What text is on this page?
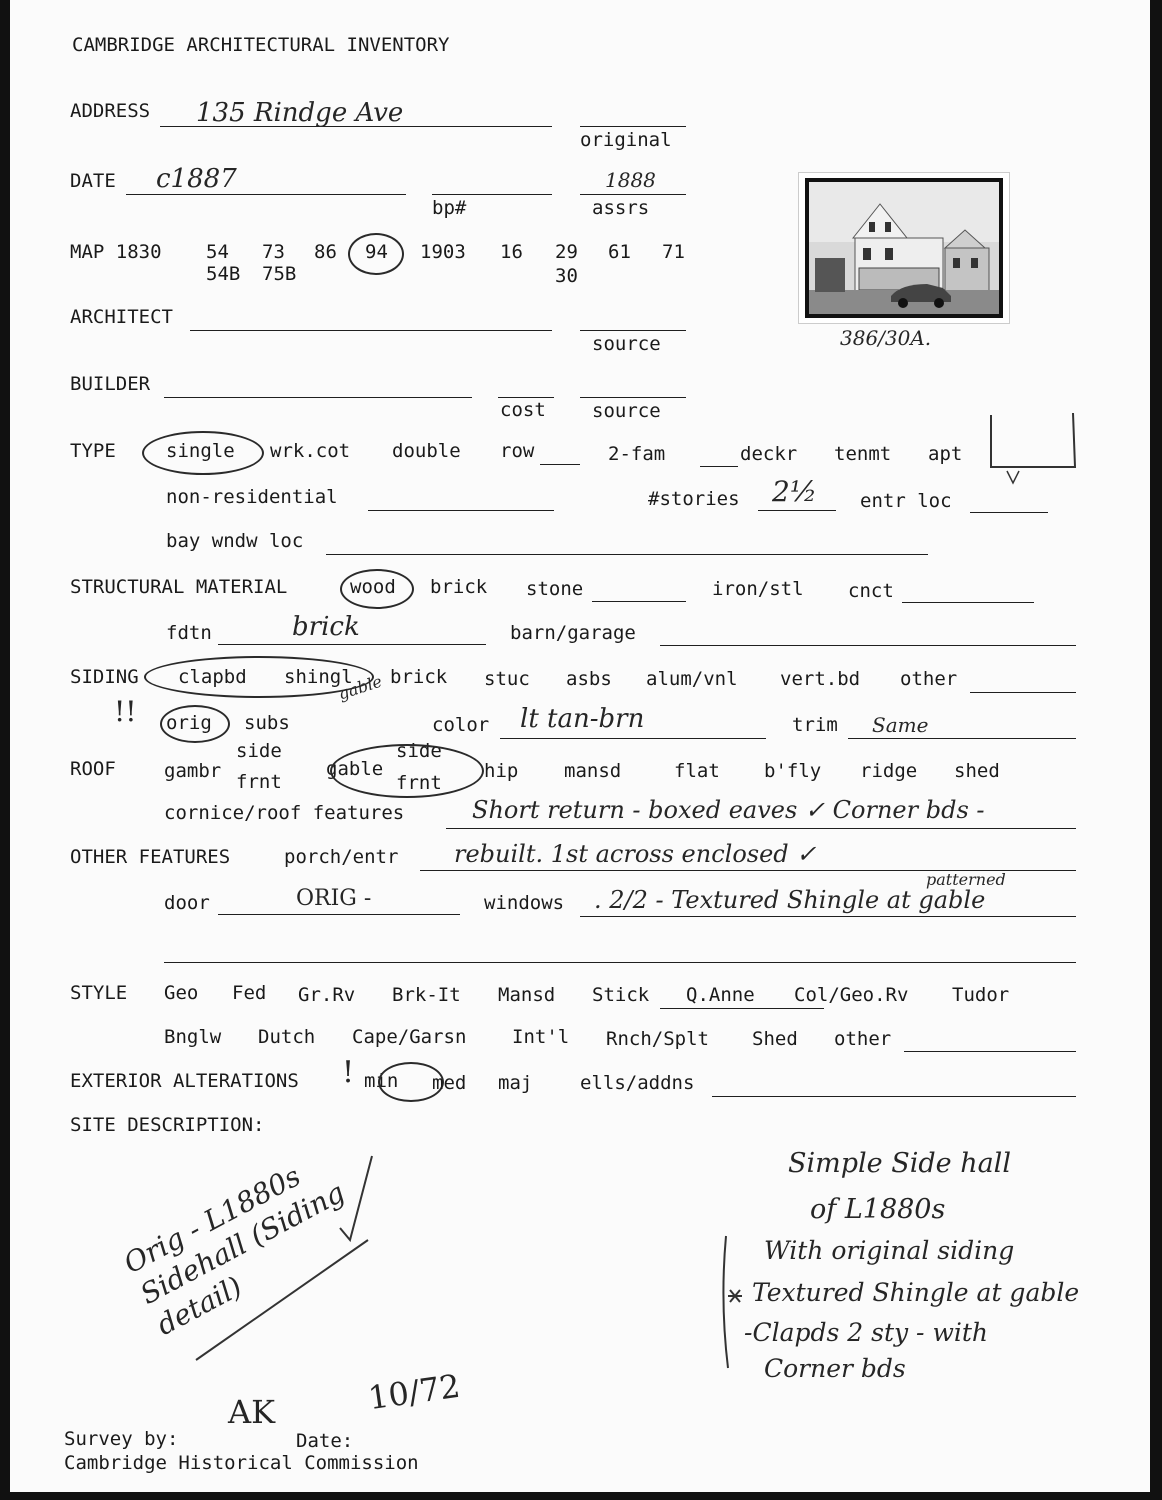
CAMBRIDGE ARCHITECTURAL INVENTORY
ADDRESS 135 Rindge Ave
original
DATE c1887
bp#
1888
assrs
MAP 1830 54 73 86 94 1903 16 29 61 71
54B 75B	30
386/30A.
ARCHITECT
source
BUILDER
cost source
TYPE	single wrk.cot double row	2-fam	deckr tenmt apt
non-residential	#stories 2½ entr loc
bay wndw loc
STRUCTURAL MATERIAL	wood brick stone	iron/stl cnct
fdtn	brick	barn/garage
SIDING clapbd shingl
gable brick stuc asbs alum/vnl vert.bd other
!! orig subs	color lt tan-brn	trim Same
ROOF	gambr
side
frnt
gable
side
frnt
hip mansd	flat b'fly ridge shed
cornice/roof features	Short return - boxed eaves ✓ Corner bds -
OTHER FEATURES	porch/entr rebuilt. 1st across enclosed ✓
door	ORIG -	windows . 2/2 - Textured Shingle at gable
patterned
STYLE Geo Fed Gr.Rv Brk-It Mansd Stick Q.Anne Col/Geo.Rv Tudor
Bnglw Dutch Cape/Garsn Int'l Rnch/Splt Shed other
EXTERIOR ALTERATIONS ! min med maj	ells/addns
SITE DESCRIPTION:
Orig - L1880s Sidehall (Siding detail)
Simple Side hall
of L1880s
With original siding
Textured Shingle at gable
-Clapds 2 sty - with
Corner bds
AK	10/72
Survey by:	Date:
Cambridge Historical Commission
